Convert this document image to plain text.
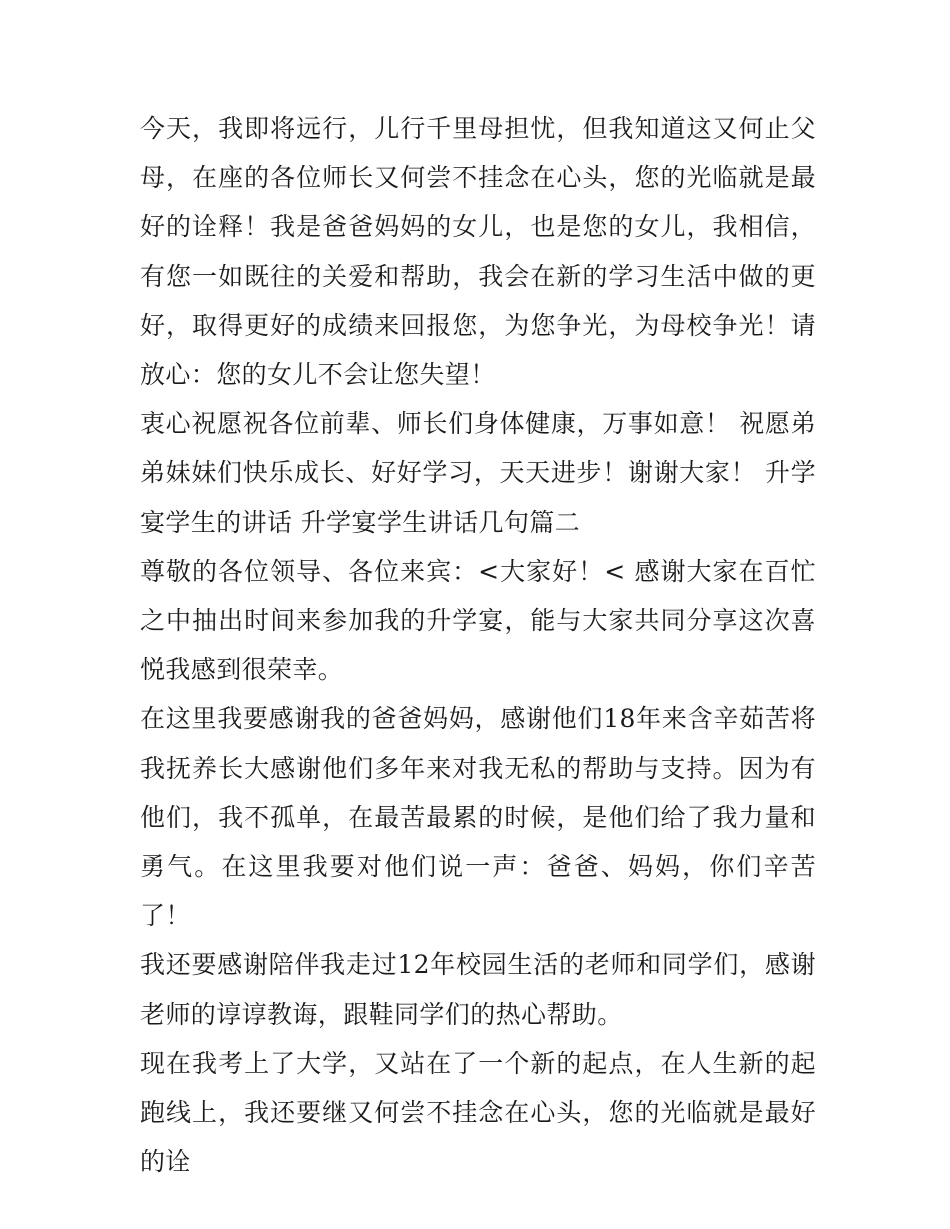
今天，我即将远行，儿行千里母担忧，但我知道这又何止父母，在座的各位师长又何尝不挂念在心头，您的光临就是最好的诠释！我是爸爸妈妈的女儿，也是您的女儿，我相信，有您一如既往的关爱和帮助，我会在新的学习生活中做的更好，取得更好的成绩来回报您，为您争光，为母校争光！请放心：您的女儿不会让您失望！

衷心祝愿祝各位前辈、师长们身体健康，万事如意！ 祝愿弟弟妹妹们快乐成长、好好学习，天天进步！谢谢大家！ 升学宴学生的讲话 升学宴学生讲话几句篇二

尊敬的各位领导、各位来宾：<大家好！< 感谢大家在百忙之中抽出时间来参加我的升学宴，能与大家共同分享这次喜悦我感到很荣幸。

在这里我要感谢我的爸爸妈妈，感谢他们18年来含辛茹苦将我抚养长大感谢他们多年来对我无私的帮助与支持。因为有他们，我不孤单，在最苦最累的时候，是他们给了我力量和勇气。在这里我要对他们说一声：爸爸、妈妈，你们辛苦了！

我还要感谢陪伴我走过12年校园生活的老师和同学们，感谢老师的谆谆教诲，跟鞋同学们的热心帮助。

现在我考上了大学，又站在了一个新的起点，在人生新的起跑线上，我还要继又何尝不挂念在心头，您的光临就是最好的诠
